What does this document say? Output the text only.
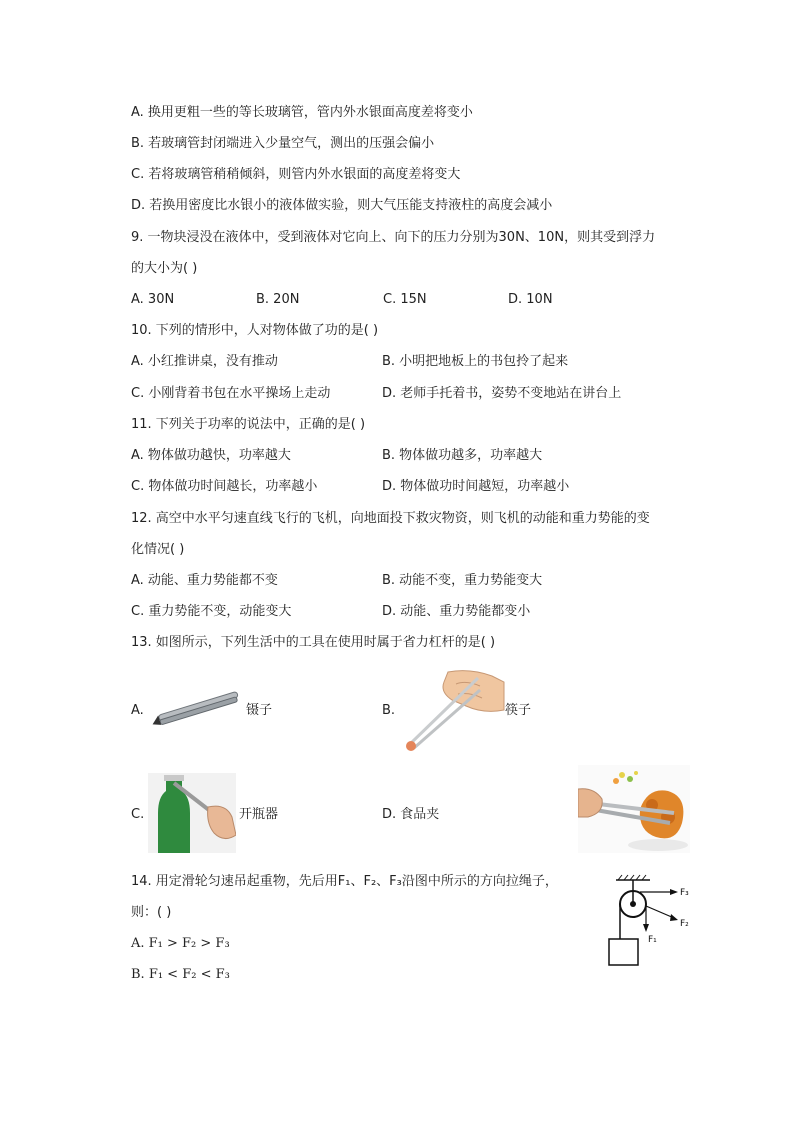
A. 换用更粗一些的等长玻璃管，管内外水银面高度差将变小
B. 若玻璃管封闭端进入少量空气，测出的压强会偏小
C. 若将玻璃管稍稍倾斜，则管内外水银面的高度差将变大
D. 若换用密度比水银小的液体做实验，则大气压能支持液柱的高度会减小
9. 一物块浸没在液体中，受到液体对它向上、向下的压力分别为30N、10N，则其受到浮力
的大小为( )
A. 30N	B. 20N	C. 15N	D. 10N
10. 下列的情形中，人对物体做了功的是( )
A. 小红推讲桌，没有推动	B. 小明把地板上的书包拎了起来
C. 小刚背着书包在水平操场上走动	D. 老师手托着书，姿势不变地站在讲台上
11. 下列关于功率的说法中，正确的是( )
A. 物体做功越快，功率越大	B. 物体做功越多，功率越大
C. 物体做功时间越长，功率越小	D. 物体做功时间越短，功率越小
12. 高空中水平匀速直线飞行的飞机，向地面投下救灾物资，则飞机的动能和重力势能的变
化情况( )
A. 动能、重力势能都不变	B. 动能不变，重力势能变大
C. 重力势能不变，动能变大	D. 动能、重力势能都变小
13. 如图所示，下列生活中的工具在使用时属于省力杠杆的是( )
A.	镊子	B.	筷子
C.	开瓶器	D. 食品夹
14. 用定滑轮匀速吊起重物，先后用F₁、F₂、F₃沿图中所示的方向拉绳子，
则：( )
A. F₁ > F₂ > F₃
B. F₁ < F₂ < F₃
F₁
F₂
F₃
